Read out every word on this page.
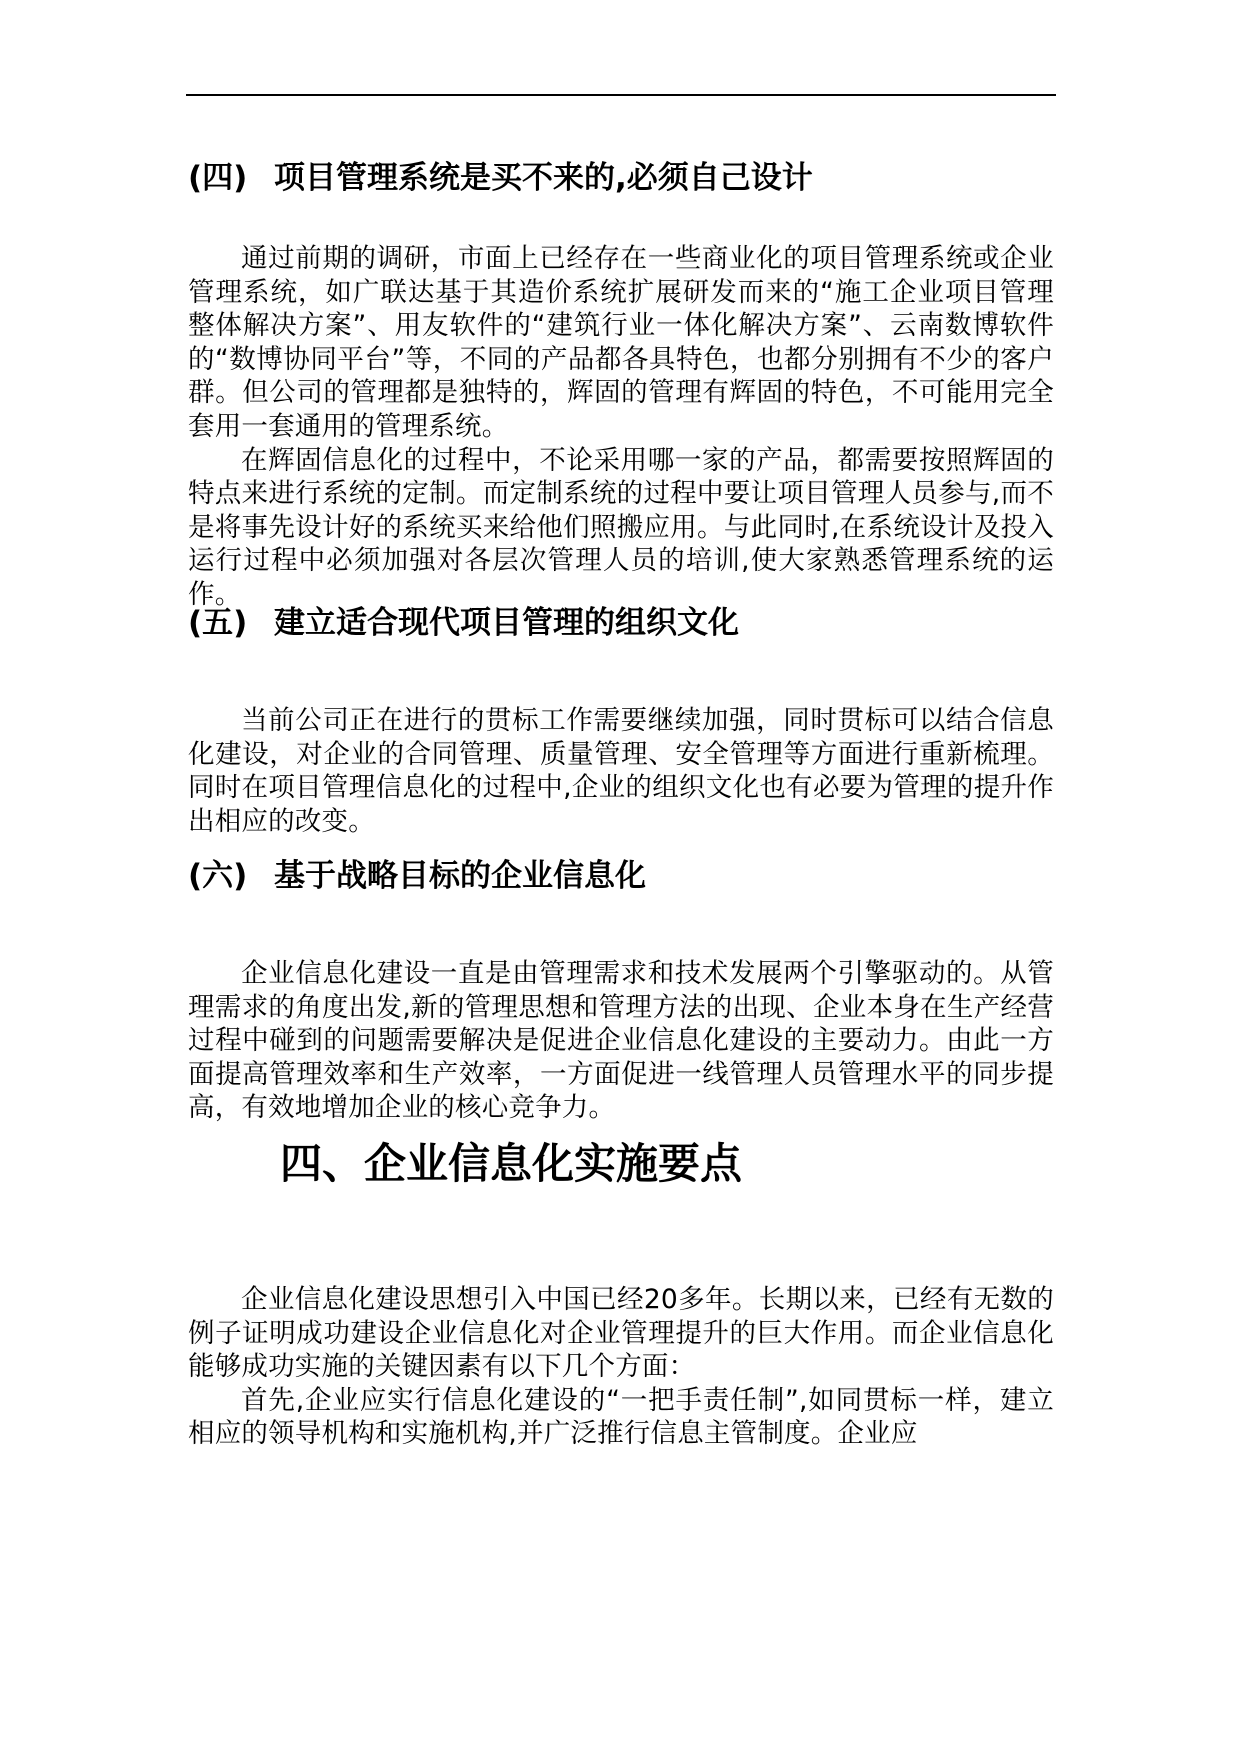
(四) 项目管理系统是买不来的,必须自己设计

通过前期的调研，市面上已经存在一些商业化的项目管理系统或企业管理系统，如广联达基于其造价系统扩展研发而来的“施工企业项目管理整体解决方案”、用友软件的“建筑行业一体化解决方案”、云南数博软件的“数博协同平台”等，不同的产品都各具特色，也都分别拥有不少的客户群。但公司的管理都是独特的，辉固的管理有辉固的特色，不可能用完全套用一套通用的管理系统。

在辉固信息化的过程中，不论采用哪一家的产品，都需要按照辉固的特点来进行系统的定制。而定制系统的过程中要让项目管理人员参与,而不是将事先设计好的系统买来给他们照搬应用。与此同时,在系统设计及投入运行过程中必须加强对各层次管理人员的培训,使大家熟悉管理系统的运作。

(五) 建立适合现代项目管理的组织文化

当前公司正在进行的贯标工作需要继续加强，同时贯标可以结合信息化建设，对企业的合同管理、质量管理、安全管理等方面进行重新梳理。同时在项目管理信息化的过程中,企业的组织文化也有必要为管理的提升作出相应的改变。

(六) 基于战略目标的企业信息化

企业信息化建设一直是由管理需求和技术发展两个引擎驱动的。从管理需求的角度出发,新的管理思想和管理方法的出现、企业本身在生产经营过程中碰到的问题需要解决是促进企业信息化建设的主要动力。由此一方面提高管理效率和生产效率，一方面促进一线管理人员管理水平的同步提高，有效地增加企业的核心竞争力。

四、企业信息化实施要点

企业信息化建设思想引入中国已经20多年。长期以来，已经有无数的例子证明成功建设企业信息化对企业管理提升的巨大作用。而企业信息化能够成功实施的关键因素有以下几个方面：

首先,企业应实行信息化建设的“一把手责任制”,如同贯标一样，建立相应的领导机构和实施机构,并广泛推行信息主管制度。企业应
